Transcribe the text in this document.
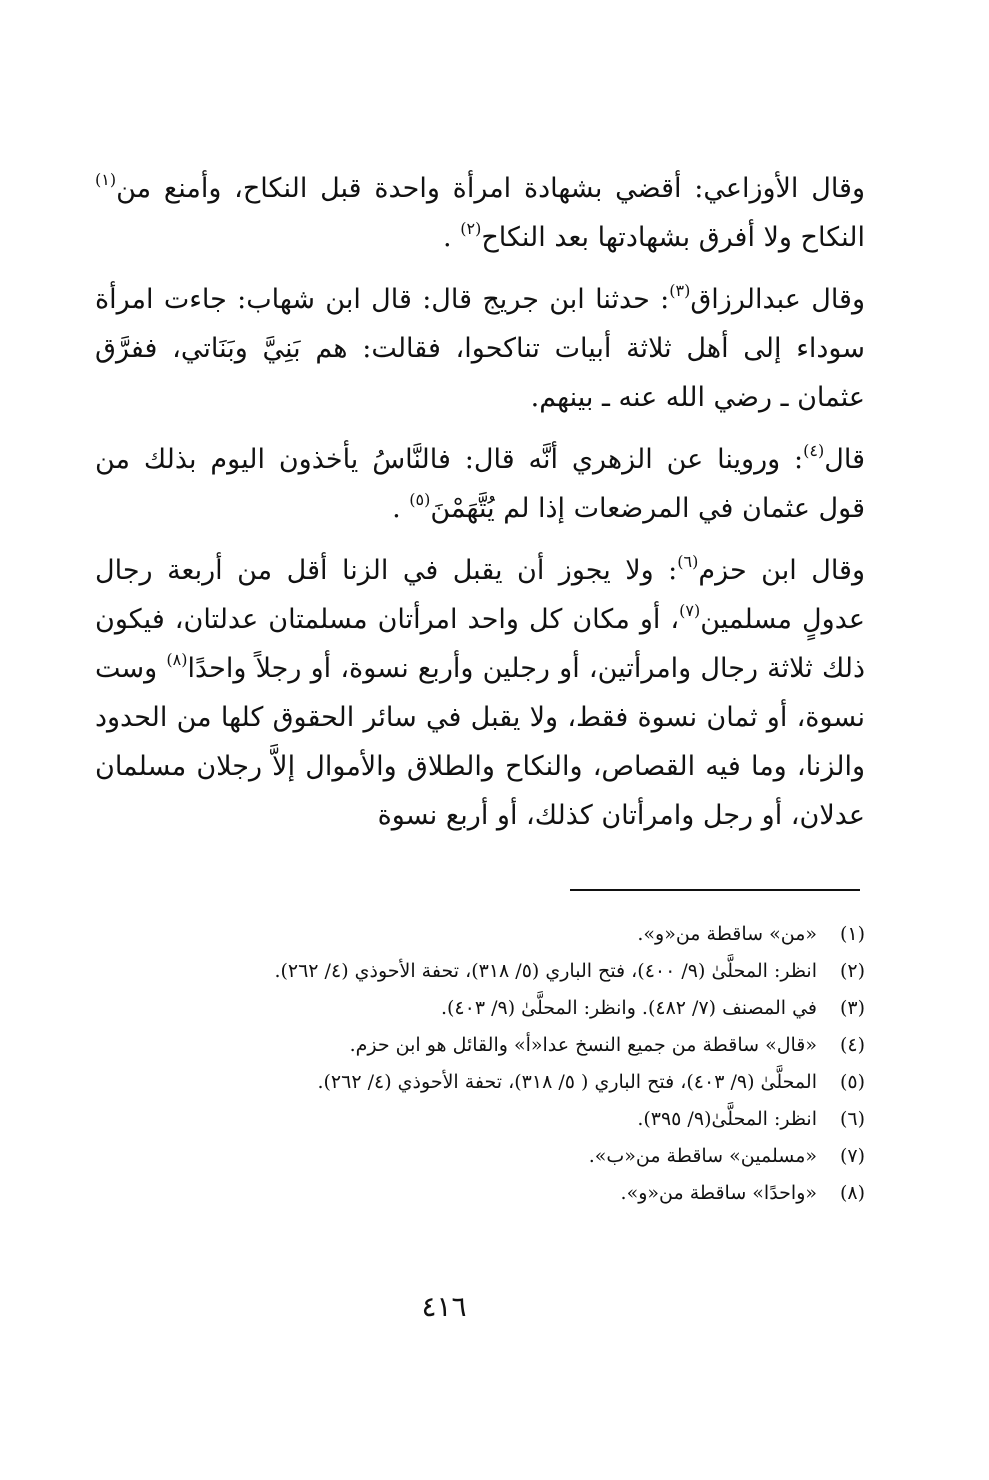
وقال الأوزاعي: أقضي بشهادة امرأة واحدة قبل النكاح، وأمنع من$^{(١)}$ النكاح ولا أفرق بشهادتها بعد النكاح$^{(٢)}$ .

وقال عبدالرزاق$^{(٣)}$: حدثنا ابن جريج قال: قال ابن شهاب: جاءت امرأة سوداء إلى أهل ثلاثة أبيات تناكحوا، فقالت: هم بَنِيَّ وبَنَاتي، ففرَّق عثمان ـ رضي الله عنه ـ بينهم.

قال$^{(٤)}$: وروينا عن الزهري أنَّه قال: فالنَّاسُ يأخذون اليوم بذلك من قول عثمان في المرضعات إذا لم يُتَّهَمْنَ$^{(٥)}$ .

وقال ابن حزم$^{(٦)}$: ولا يجوز أن يقبل في الزنا أقل من أربعة رجال عدولٍ مسلمين$^{(٧)}$، أو مكان كل واحد امرأتان مسلمتان عدلتان، فيكون ذلك ثلاثة رجال وامرأتين، أو رجلين وأربع نسوة، أو رجلاً واحدًا$^{(٨)}$ وست نسوة، أو ثمان نسوة فقط، ولا يقبل في سائر الحقوق كلها من الحدود والزنا، وما فيه القصاص، والنكاح والطلاق والأموال إلاَّ رجلان مسلمان عدلان، أو رجل وامرأتان كذلك، أو أربع نسوة

(١)
«من» ساقطة من«و».
(٢)
انظر: المحلَّىٰ (٩/ ٤٠٠)، فتح الباري (٥/ ٣١٨)، تحفة الأحوذي (٤/ ٢٦٢).
(٣)
في المصنف (٧/ ٤٨٢). وانظر: المحلَّىٰ (٩/ ٤٠٣).
(٤)
«قال» ساقطة من جميع النسخ عدا«أ» والقائل هو ابن حزم.
(٥)
المحلَّىٰ (٩/ ٤٠٣)، فتح الباري ( ٥/ ٣١٨)، تحفة الأحوذي (٤/ ٢٦٢).
(٦)
انظر: المحلَّىٰ(٩/ ٣٩٥).
(٧)
«مسلمين» ساقطة من«ب».
(٨)
«واحدًا» ساقطة من«و».
٤١٦
